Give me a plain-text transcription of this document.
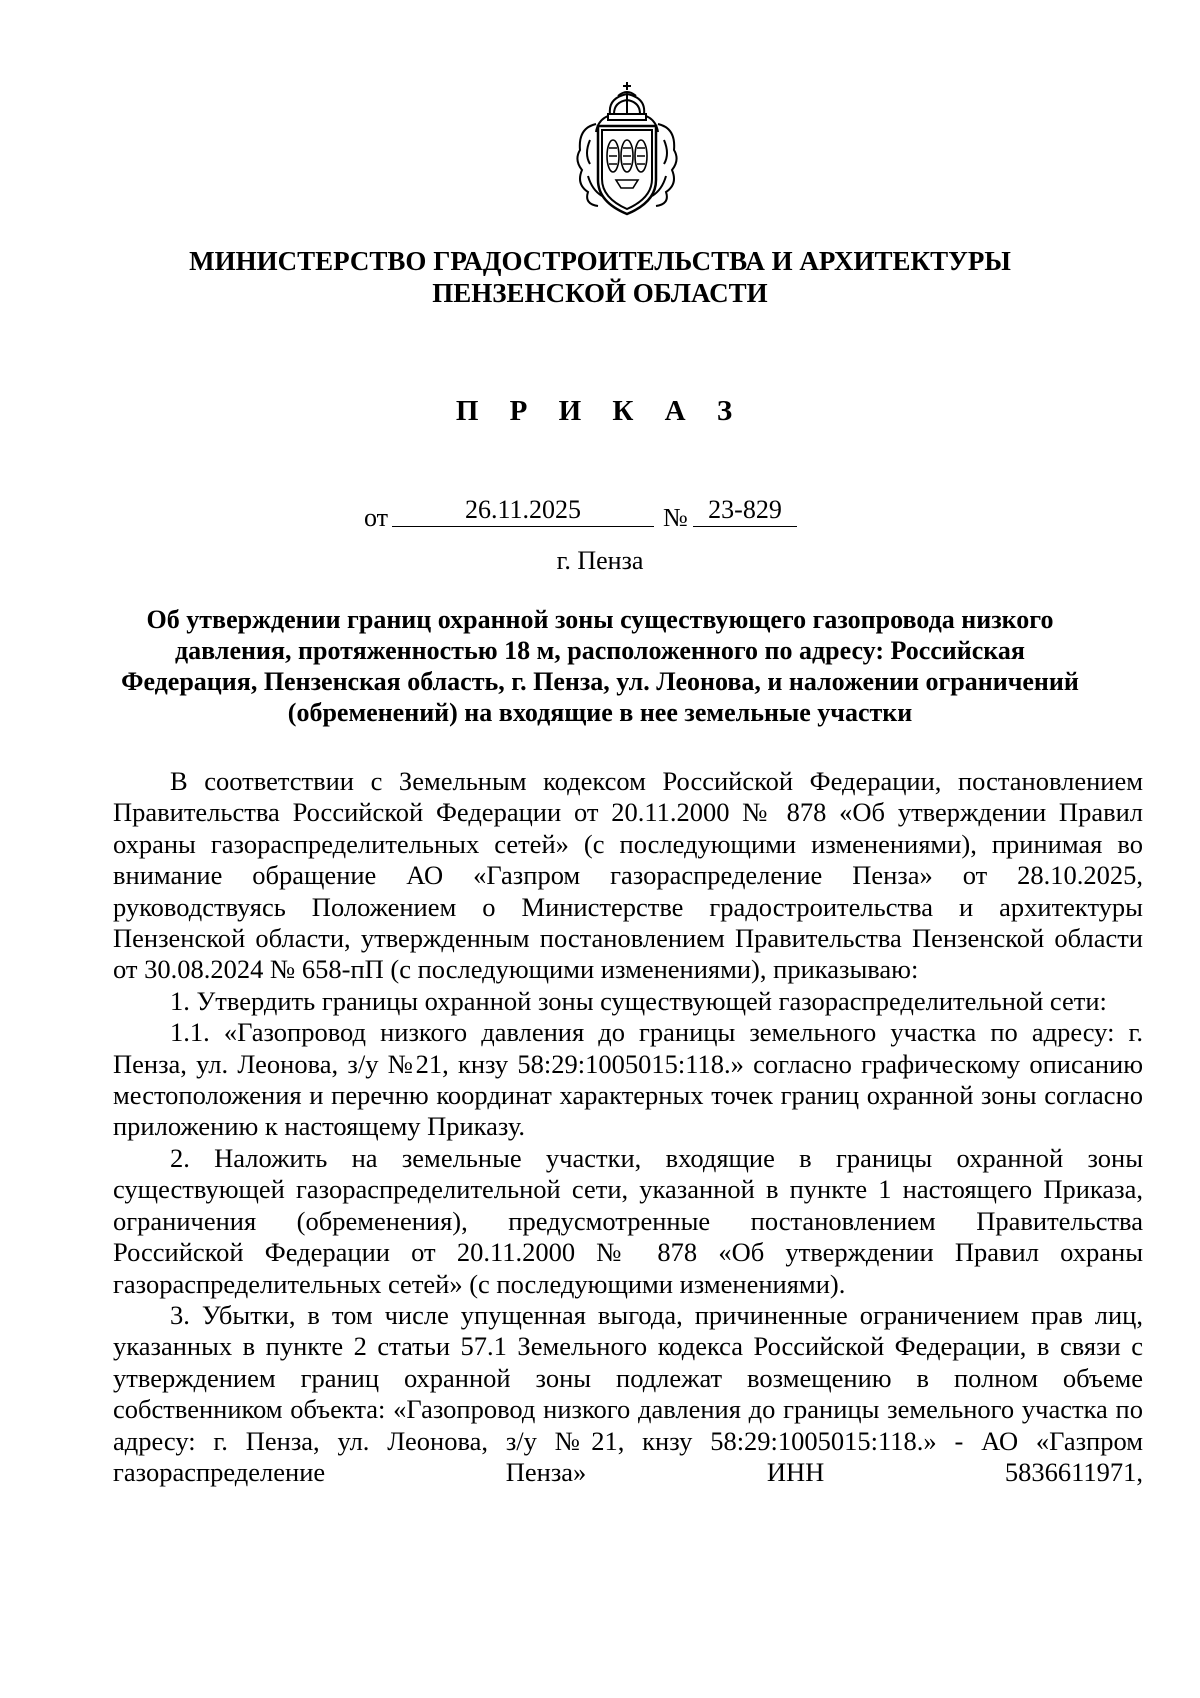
МИНИСТЕРСТВО ГРАДОСТРОИТЕЛЬСТВА И АРХИТЕКТУРЫ
ПЕНЗЕНСКОЙ ОБЛАСТИ
П Р И К А З
от	26.11.2025	№ 23-829
г. Пенза
Об утверждении границ охранной зоны существующего газопровода низкого давления, протяженностью 18 м, расположенного по адресу: Российская Федерация, Пензенская область, г. Пенза, ул. Леонова, и наложении ограничений (обременений) на входящие в нее земельные участки

В соответствии с Земельным кодексом Российской Федерации, постановлением Правительства Российской Федерации от 20.11.2000 № 878 «Об утверждении Правил охраны газораспределительных сетей» (с последующими изменениями), принимая во внимание обращение АО «Газпром газораспределение Пенза» от 28.10.2025, руководствуясь Положением о Министерстве градостроительства и архитектуры Пензенской области, утвержденным постановлением Правительства Пензенской области от 30.08.2024 № 658-пП (с последующими изменениями), приказываю:

1. Утвердить границы охранной зоны существующей газораспределительной сети:

1.1. «Газопровод низкого давления до границы земельного участка по адресу: г. Пенза, ул. Леонова, з/у №21, кнзу 58:29:1005015:118.» согласно графическому описанию местоположения и перечню координат характерных точек границ охранной зоны согласно приложению к настоящему Приказу.

2. Наложить на земельные участки, входящие в границы охранной зоны существующей газораспределительной сети, указанной в пункте 1 настоящего Приказа, ограничения (обременения), предусмотренные постановлением Правительства Российской Федерации от 20.11.2000 № 878 «Об утверждении Правил охраны газораспределительных сетей» (с последующими изменениями).

3. Убытки, в том числе упущенная выгода, причиненные ограничением прав лиц, указанных в пункте 2 статьи 57.1 Земельного кодекса Российской Федерации, в связи с утверждением границ охранной зоны подлежат возмещению в полном объеме собственником объекта: «Газопровод низкого давления до границы земельного участка по адресу: г. Пенза, ул. Леонова, з/у №21, кнзу 58:29:1005015:118.» - АО «Газпром газораспределение Пенза» ИНН 5836611971,
